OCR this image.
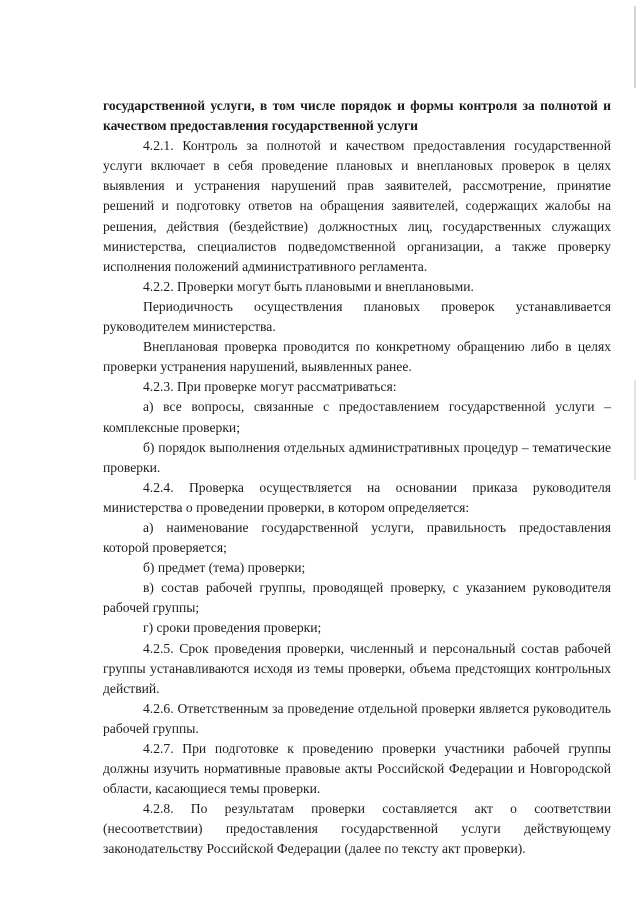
государственной услуги, в том числе порядок и формы контроля за полнотой и качеством предоставления государственной услуги

4.2.1. Контроль за полнотой и качеством предоставления государственной услуги включает в себя проведение плановых и внеплановых проверок в целях выявления и устранения нарушений прав заявителей, рассмотрение, принятие решений и подготовку ответов на обращения заявителей, содержащих жалобы на решения, действия (бездействие) должностных лиц, государственных служащих министерства, специалистов подведомственной организации, а также проверку исполнения положений административного регламента.

4.2.2. Проверки могут быть плановыми и внеплановыми.

Периодичность осуществления плановых проверок устанавливается руководителем министерства.

Внеплановая проверка проводится по конкретному обращению либо в целях проверки устранения нарушений, выявленных ранее.

4.2.3. При проверке могут рассматриваться:

а) все вопросы, связанные с предоставлением государственной услуги – комплексные проверки;

б) порядок выполнения отдельных административных процедур – тематические проверки.

4.2.4. Проверка осуществляется на основании приказа руководителя министерства о проведении проверки, в котором определяется:

а) наименование государственной услуги, правильность предоставления которой проверяется;

б) предмет (тема) проверки;

в) состав рабочей группы, проводящей проверку, с указанием руководителя рабочей группы;

г) сроки проведения проверки;

4.2.5. Срок проведения проверки, численный и персональный состав рабочей группы устанавливаются исходя из темы проверки, объема предстоящих контрольных действий.

4.2.6. Ответственным за проведение отдельной проверки является руководитель рабочей группы.

4.2.7. При подготовке к проведению проверки участники рабочей группы должны изучить нормативные правовые акты Российской Федерации и Новгородской области, касающиеся темы проверки.

4.2.8. По результатам проверки составляется акт о соответствии (несоответствии) предоставления государственной услуги действующему законодательству Российской Федерации (далее по тексту акт проверки).
